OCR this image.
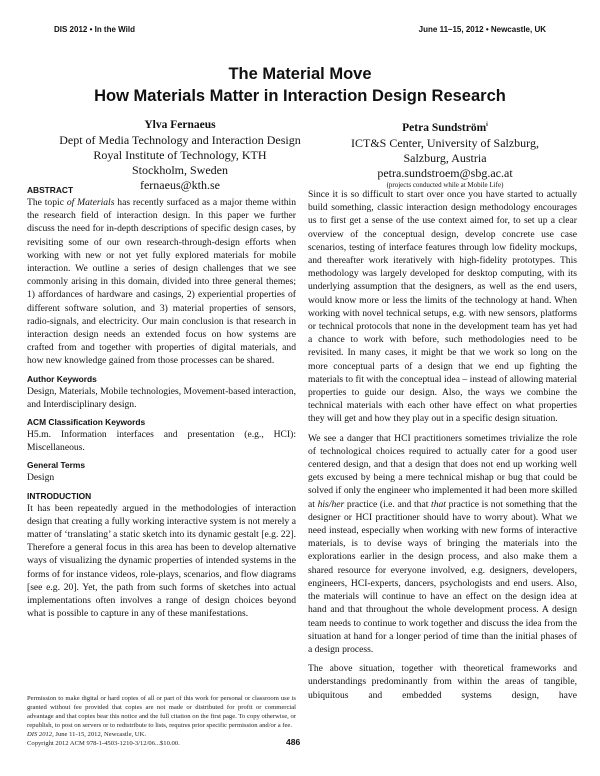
DIS 2012 • In the Wild	June 11–15, 2012 • Newcastle, UK
The Material Move
How Materials Matter in Interaction Design Research
Ylva Fernaeus
Dept of Media Technology and Interaction Design
Royal Institute of Technology, KTH
Stockholm, Sweden
fernaeus@kth.se
Petra Sundström$^i$
ICT&S Center, University of Salzburg,
Salzburg, Austria
petra.sundstroem@sbg.ac.at
(projects conducted while at Mobile Life)
ABSTRACT

The topic of Materials has recently surfaced as a major theme within the research field of interaction design. In this paper we further discuss the need for in-depth descriptions of specific design cases, by revisiting some of our own research-through-design efforts when working with new or not yet fully explored materials for mobile interaction. We outline a series of design challenges that we see commonly arising in this domain, divided into three general themes; 1) affordances of hardware and casings, 2) experiential properties of different software solution, and 3) material properties of sensors, radio-signals, and electricity. Our main conclusion is that research in interaction design needs an extended focus on how systems are crafted from and together with properties of digital materials, and how new knowledge gained from those processes can be shared.

Author Keywords

Design, Materials, Mobile technologies, Movement-based interaction, and Interdisciplinary design.

ACM Classification Keywords

H5.m. Information interfaces and presentation (e.g., HCI): Miscellaneous.

General Terms

Design

INTRODUCTION

It has been repeatedly argued in the methodologies of interaction design that creating a fully working interactive system is not merely a matter of ‘translating’ a static sketch into its dynamic gestalt [e.g. 22]. Therefore a general focus in this area has been to develop alternative ways of visualizing the dynamic properties of intended systems in the forms of for instance videos, role-plays, scenarios, and flow diagrams [see e.g. 20]. Yet, the path from such forms of sketches into actual implementations often involves a range of design choices beyond what is possible to capture in any of these manifestations.

Permission to make digital or hard copies of all or part of this work for personal or classroom use is granted without fee provided that copies are not made or distributed for profit or commercial advantage and that copies bear this notice and the full citation on the first page. To copy otherwise, or republish, to post on servers or to redistribute to lists, requires prior specific permission and/or a fee.

DIS 2012, June 11-15, 2012, Newcastle, UK.

Copyright 2012 ACM 978-1-4503-1210-3/12/06...$10.00.

Since it is so difficult to start over once you have started to actually build something, classic interaction design methodology encourages us to first get a sense of the use context aimed for, to set up a clear overview of the conceptual design, develop concrete use case scenarios, testing of interface features through low fidelity mockups, and thereafter work iteratively with high-fidelity prototypes. This methodology was largely developed for desktop computing, with its underlying assumption that the designers, as well as the end users, would know more or less the limits of the technology at hand. When working with novel technical setups, e.g. with new sensors, platforms or technical protocols that none in the development team has yet had a chance to work with before, such methodologies need to be revisited. In many cases, it might be that we work so long on the more conceptual parts of a design that we end up fighting the materials to fit with the conceptual idea – instead of allowing material properties to guide our design. Also, the ways we combine the technical materials with each other have effect on what properties they will get and how they play out in a specific design situation.

We see a danger that HCI practitioners sometimes trivialize the role of technological choices required to actually cater for a good user centered design, and that a design that does not end up working well gets excused by being a mere technical mishap or bug that could be solved if only the engineer who implemented it had been more skilled at his/her practice (i.e. and that that practice is not something that the designer or HCI practitioner should have to worry about). What we need instead, especially when working with new forms of interactive materials, is to devise ways of bringing the materials into the explorations earlier in the design process, and also make them a shared resource for everyone involved, e.g. designers, developers, engineers, HCI-experts, dancers, psychologists and end users. Also, the materials will continue to have an effect on the design idea at hand and that throughout the whole development process. A design team needs to continue to work together and discuss the idea from the situation at hand for a longer period of time than the initial phases of a design process.

The above situation, together with theoretical frameworks and understandings predominantly from within the areas of tangible, ubiquitous and embedded systems design, have

486
